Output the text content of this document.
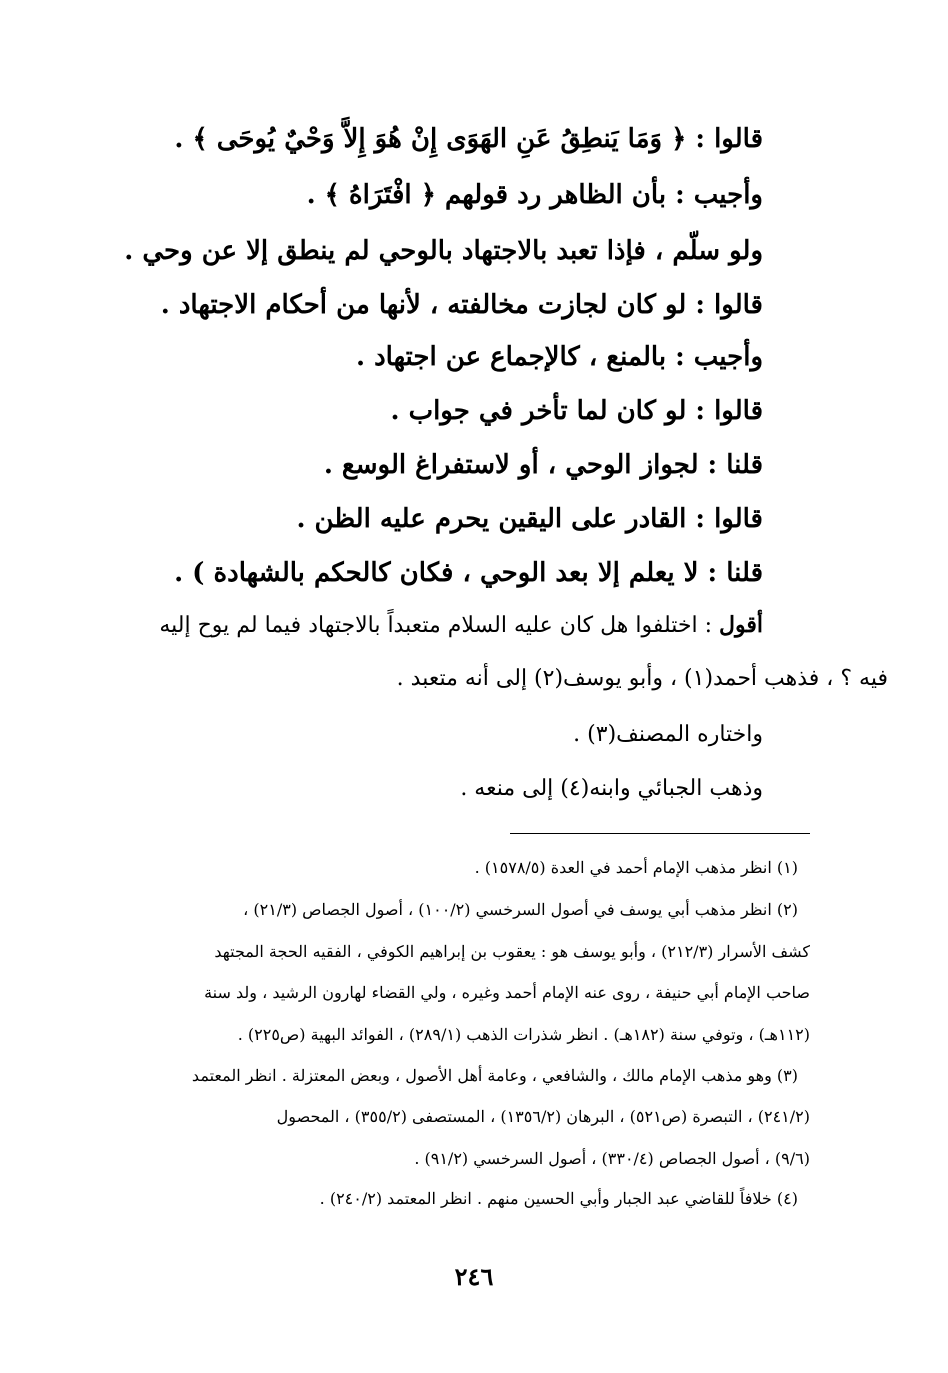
قالوا : ﴿ وَمَا يَنطِقُ عَنِ الهَوَى إِنْ هُوَ إِلاَّ وَحْيٌ يُوحَى ﴾ .
وأجيب : بأن الظاهر رد قولهم ﴿ افْتَرَاهُ ﴾ .
ولو سلّم ، فإذا تعبد بالاجتهاد بالوحي لم ينطق إلا عن وحي .
قالوا : لو كان لجازت مخالفته ، لأنها من أحكام الاجتهاد .
وأجيب : بالمنع ، كالإجماع عن اجتهاد .
قالوا : لو كان لما تأخر في جواب .
قلنا : لجواز الوحي ، أو لاستفراغ الوسع .
قالوا : القادر على اليقين يحرم عليه الظن .
قلنا : لا يعلم إلا بعد الوحي ، فكان كالحكم بالشهادة ) .
أقول : اختلفوا هل كان عليه السلام متعبداً بالاجتهاد فيما لم يوح إليه
فيه ؟ ، فذهب أحمد(١) ، وأبو يوسف(٢) إلى أنه متعبد .
واختاره المصنف(٣) .
وذهب الجبائي وابنه(٤) إلى منعه .
(١) انظر مذهب الإمام أحمد في العدة (١٥٧٨/٥) .
(٢) انظر مذهب أبي يوسف في أصول السرخسي (١٠٠/٢) ، أصول الجصاص (٢١/٣) ،
كشف الأسرار (٢١٢/٣) ، وأبو يوسف هو : يعقوب بن إبراهيم الكوفي ، الفقيه الحجة المجتهد
صاحب الإمام أبي حنيفة ، روى عنه الإمام أحمد وغيره ، ولي القضاء لهارون الرشيد ، ولد سنة
(١١٢هـ) ، وتوفي سنة (١٨٢هـ) . انظر شذرات الذهب (٢٨٩/١) ، الفوائد البهية (ص٢٢٥) .
(٣) وهو مذهب الإمام مالك ، والشافعي ، وعامة أهل الأصول ، وبعض المعتزلة . انظر المعتمد
(٢٤١/٢) ، التبصرة (ص٥٢١) ، البرهان (١٣٥٦/٢) ، المستصفى (٣٥٥/٢) ، المحصول
(٩/٦) ، أصول الجصاص (٣٣٠/٤) ، أصول السرخسي (٩١/٢) .
(٤) خلافاً للقاضي عبد الجبار وأبي الحسين منهم . انظر المعتمد (٢٤٠/٢) .
٢٤٦
